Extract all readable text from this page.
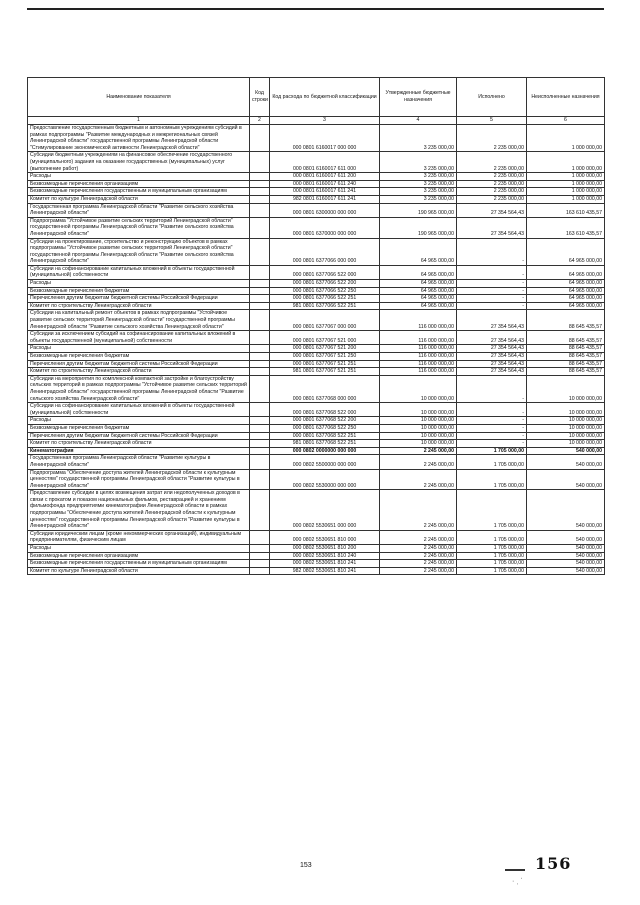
Наименование показателя	Код строки	Код расхода по бюджетной классификации	Утвержденные бюджетные назначения	Исполнено	Неисполненные назначения
1	2	3	4	5	6
Предоставление государственным бюджетным и автономным учреждениям субсидий в рамках подпрограммы "Развитие международных и межрегиональных связей Ленинградской области" государственной программы Ленинградской области "Стимулирование экономической активности Ленинградской области"		000 0801 6160017 000 000	3 235 000,00	2 235 000,00	1 000 000,00
Субсидии бюджетным учреждениям на финансовое обеспечение государственного (муниципального) задания на оказание государственных (муниципальных) услуг (выполнение работ)		000 0801 6160017 611 000	3 235 000,00	2 235 000,00	1 000 000,00
Расходы		000 0801 6160017 611 200	3 235 000,00	2 235 000,00	1 000 000,00
Безвозмездные перечисления организациям		000 0801 6160017 611 240	3 235 000,00	2 235 000,00	1 000 000,00
Безвозмездные перечисления государственным и муниципальным организациям		000 0801 6160017 611 241	3 235 000,00	2 235 000,00	1 000 000,00
Комитет по культуре Ленинградской области		982 0801 6160017 611 241	3 235 000,00	2 235 000,00	1 000 000,00
Государственная программа Ленинградской области "Развитие сельского хозяйства Ленинградской области"		000 0801 6300000 000 000	190 965 000,00	27 354 564,43	163 610 435,57
Подпрограмма "Устойчивое развитие сельских территорий Ленинградской области" государственной программы Ленинградской области "Развитие сельского хозяйства Ленинградской области"		000 0801 6370000 000 000	190 965 000,00	27 354 564,43	163 610 435,57
Субсидии на проектирование, строительство и реконструкцию объектов в рамках подпрограммы "Устойчивое развитие сельских территорий Ленинградской области" государственной программы Ленинградской области "Развитие сельского хозяйства Ленинградской области"		000 0801 6377066 000 000	64 965 000,00	-	64 965 000,00
Субсидии на софинансирование капитальных вложений в объекты государственной (муниципальной) собственности		000 0801 6377066 522 000	64 965 000,00	-	64 965 000,00
Расходы		000 0801 6377066 522 200	64 965 000,00	-	64 965 000,00
Безвозмездные перечисления бюджетам		000 0801 6377066 522 250	64 965 000,00	-	64 965 000,00
Перечисления другим бюджетам бюджетной системы Российской Федерации		000 0801 6377066 522 251	64 965 000,00	-	64 965 000,00
Комитет по строительству Ленинградской области		981 0801 6377066 522 251	64 965 000,00	-	64 965 000,00
Субсидии на капитальный ремонт объектов в рамках подпрограммы "Устойчивое развитие сельских территорий Ленинградской области" государственной программы Ленинградской области "Развитие сельского хозяйства Ленинградской области"		000 0801 6377067 000 000	116 000 000,00	27 354 564,43	88 645 435,57
Субсидии за исключением субсидий на софинансирование капитальных вложений в объекты государственной (муниципальной) собственности		000 0801 6377067 521 000	116 000 000,00	27 354 564,43	88 645 435,57
Расходы		000 0801 6377067 521 200	116 000 000,00	27 354 564,43	88 645 435,57
Безвозмездные перечисления бюджетам		000 0801 6377067 521 250	116 000 000,00	27 354 564,43	88 645 435,57
Перечисления другим бюджетам бюджетной системы Российской Федерации		000 0801 6377067 521 251	116 000 000,00	27 354 564,43	88 645 435,57
Комитет по строительству Ленинградской области		981 0801 6377067 521 251	116 000 000,00	27 354 564,43	88 645 435,57
Субсидии на мероприятия по комплексной компактной застройке и благоустройству сельских территорий в рамках подпрограммы "Устойчивое развитие сельских территорий Ленинградской области" государственной программы Ленинградской области "Развитие сельского хозяйства Ленинградской области"		000 0801 6377068 000 000	10 000 000,00	-	10 000 000,00
Субсидии на софинансирование капитальных вложений в объекты государственной (муниципальной) собственности		000 0801 6377068 522 000	10 000 000,00	-	10 000 000,00
Расходы		000 0801 6377068 522 200	10 000 000,00	-	10 000 000,00
Безвозмездные перечисления бюджетам		000 0801 6377068 522 250	10 000 000,00	-	10 000 000,00
Перечисления другим бюджетам бюджетной системы Российской Федерации		000 0801 6377068 522 251	10 000 000,00	-	10 000 000,00
Комитет по строительству Ленинградской области		981 0801 6377068 522 251	10 000 000,00	-	10 000 000,00
Кинематография		000 0802 0000000 000 000	2 245 000,00	1 705 000,00	540 000,00
Государственная программа Ленинградской области "Развитие культуры в Ленинградской области"		000 0802 5500000 000 000	2 245 000,00	1 705 000,00	540 000,00
Подпрограмма "Обеспечение доступа жителей Ленинградской области к культурным ценностям" государственной программы Ленинградской области "Развитие культуры в Ленинградской области"		000 0802 5530000 000 000	2 245 000,00	1 705 000,00	540 000,00
Предоставление субсидии в целях возмещения затрат или недополученных доходов в связи с прокатом и показом национальных фильмов, реставрацией и хранением фильмофонда предприятиями кинематографии Ленинградской области в рамках подпрограммы "Обеспечение доступа жителей Ленинградской области к культурным ценностям" государственной программы Ленинградской области "Развитие культуры в Ленинградской области"		000 0802 5530651 000 000	2 245 000,00	1 705 000,00	540 000,00
Субсидии юридическим лицам (кроме некоммерческих организаций), индивидуальным предпринимателям, физическим лицам		000 0802 5530651 810 000	2 245 000,00	1 705 000,00	540 000,00
Расходы		000 0802 5530651 810 200	2 245 000,00	1 705 000,00	540 000,00
Безвозмездные перечисления организациям		000 0802 5530651 810 240	2 245 000,00	1 705 000,00	540 000,00
Безвозмездные перечисления государственным и муниципальным организациям		000 0802 5530651 810 241	2 245 000,00	1 705 000,00	540 000,00
Комитет по культуре Ленинградской области		982 0802 5530651 810 241	2 245 000,00	1 705 000,00	540 000,00
153	156
· ˌ ˈ
